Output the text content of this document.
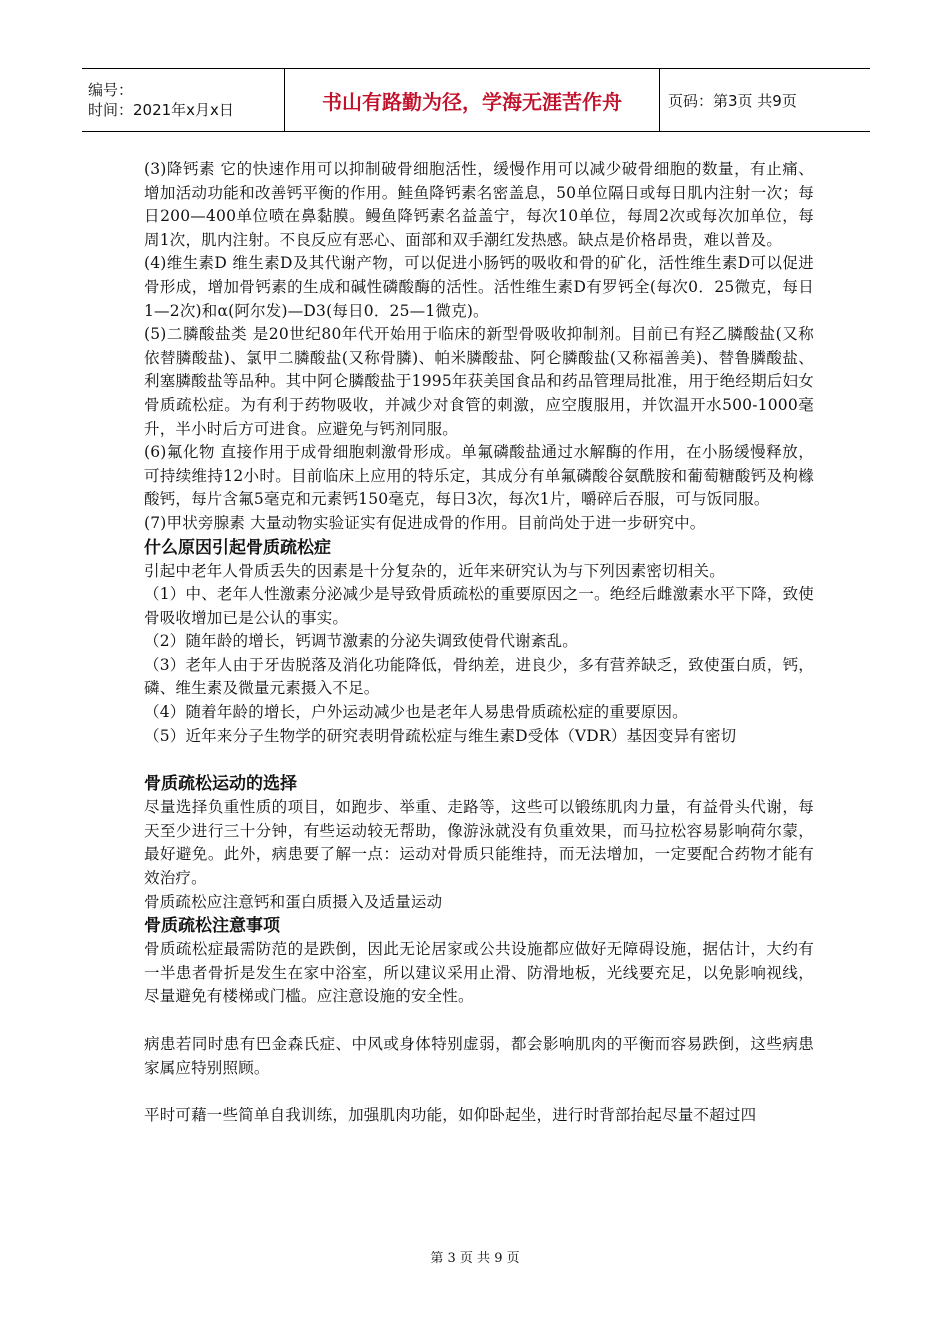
编号：
时间：2021年x月x日	书山有路勤为径，学海无涯苦作舟	页码：第3页 共9页

(3)降钙素 它的快速作用可以抑制破骨细胞活性，缓慢作用可以减少破骨细胞的数量，有止痛、增加活动功能和改善钙平衡的作用。鲑鱼降钙素名密盖息，50单位隔日或每日肌内注射一次；每日200—400单位喷在鼻黏膜。鳗鱼降钙素名益盖宁，每次10单位，每周2次或每次加单位，每周1次，肌内注射。不良反应有恶心、面部和双手潮红发热感。缺点是价格昂贵，难以普及。

(4)维生素D 维生素D及其代谢产物，可以促进小肠钙的吸收和骨的矿化，活性维生素D可以促进骨形成，增加骨钙素的生成和碱性磷酸酶的活性。活性维生素D有罗钙全(每次0．25微克，每日1—2次)和α(阿尔发)—D3(每日0．25—1微克)。

(5)二膦酸盐类 是20世纪80年代开始用于临床的新型骨吸收抑制剂。目前已有羟乙膦酸盐(又称依替膦酸盐)、氯甲二膦酸盐(又称骨膦)、帕米膦酸盐、阿仑膦酸盐(又称福善美)、替鲁膦酸盐、利塞膦酸盐等品种。其中阿仑膦酸盐于1995年获美国食品和药品管理局批准，用于绝经期后妇女骨质疏松症。为有利于药物吸收，并减少对食管的刺激，应空腹服用，并饮温开水500-1000毫升，半小时后方可进食。应避免与钙剂同服。

(6)氟化物 直接作用于成骨细胞刺激骨形成。单氟磷酸盐通过水解酶的作用，在小肠缓慢释放，可持续维持12小时。目前临床上应用的特乐定，其成分有单氟磷酸谷氨酰胺和葡萄糖酸钙及枸橼酸钙，每片含氟5毫克和元素钙150毫克，每日3次，每次1片，嚼碎后吞服，可与饭同服。

(7)甲状旁腺素 大量动物实验证实有促进成骨的作用。目前尚处于进一步研究中。

什么原因引起骨质疏松症

引起中老年人骨质丢失的因素是十分复杂的，近年来研究认为与下列因素密切相关。

（1）中、老年人性激素分泌减少是导致骨质疏松的重要原因之一。绝经后雌激素水平下降，致使骨吸收增加已是公认的事实。

（2）随年龄的增长，钙调节激素的分泌失调致使骨代谢紊乱。

（3）老年人由于牙齿脱落及消化功能降低，骨纳差，进良少，多有营养缺乏，致使蛋白质，钙，磷、维生素及微量元素摄入不足。

（4）随着年龄的增长，户外运动减少也是老年人易患骨质疏松症的重要原因。

（5）近年来分子生物学的研究表明骨疏松症与维生素D受体（VDR）基因变异有密切

骨质疏松运动的选择

尽量选择负重性质的项目，如跑步、举重、走路等，这些可以锻练肌肉力量，有益骨头代谢，每天至少进行三十分钟，有些运动较无帮助，像游泳就没有负重效果，而马拉松容易影响荷尔蒙，最好避免。此外，病患要了解一点：运动对骨质只能维持，而无法增加，一定要配合药物才能有效治疗。

骨质疏松应注意钙和蛋白质摄入及适量运动

骨质疏松注意事项

骨质疏松症最需防范的是跌倒，因此无论居家或公共设施都应做好无障碍设施，据估计，大约有一半患者骨折是发生在家中浴室，所以建议采用止滑、防滑地板，光线要充足，以免影响视线，尽量避免有楼梯或门槛。应注意设施的安全性。

病患若同时患有巴金森氏症、中风或身体特别虚弱，都会影响肌肉的平衡而容易跌倒，这些病患家属应特别照顾。

平时可藉一些简单自我训练，加强肌肉功能，如仰卧起坐，进行时背部抬起尽量不超过四

第 3 页 共 9 页
